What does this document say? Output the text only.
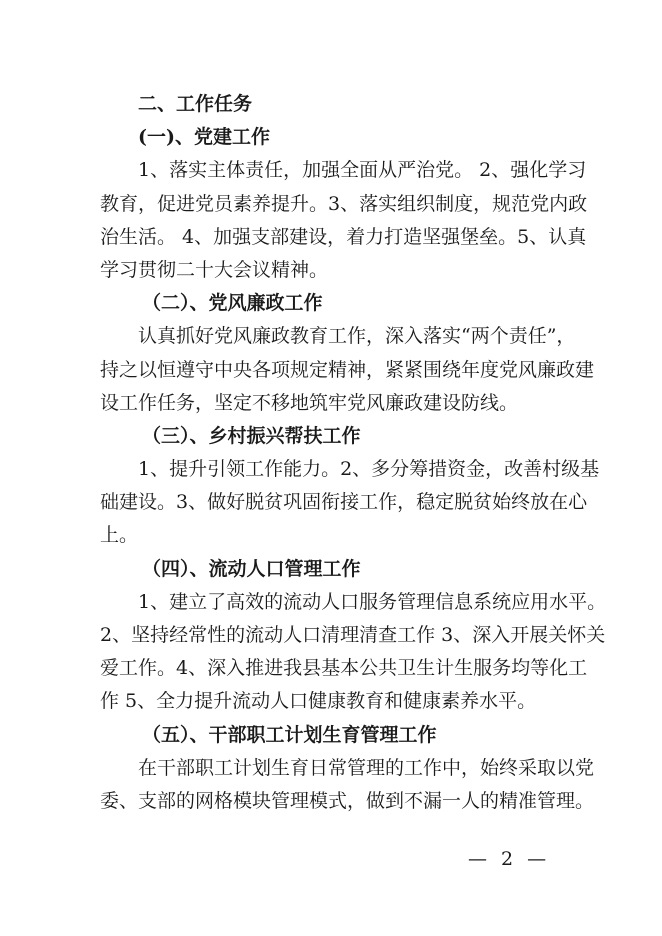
二、工作任务
(一)、党建工作
1、落实主体责任，加强全面从严治党。 2、强化学习
教育，促进党员素养提升。3、落实组织制度，规范党内政
治生活。 4、加强支部建设，着力打造坚强堡垒。5、认真
学习贯彻二十大会议精神。
（二）、党风廉政工作
认真抓好党风廉政教育工作，深入落实“两个责任”，
持之以恒遵守中央各项规定精神，紧紧围绕年度党风廉政建
设工作任务，坚定不移地筑牢党风廉政建设防线。
（三）、乡村振兴帮扶工作
1、提升引领工作能力。2、多分筹措资金，改善村级基
础建设。3、做好脱贫巩固衔接工作，稳定脱贫始终放在心
上。
（四）、流动人口管理工作
1、建立了高效的流动人口服务管理信息系统应用水平。
2、坚持经常性的流动人口清理清查工作 3、深入开展关怀关
爱工作。4、深入推进我县基本公共卫生计生服务均等化工
作 5、全力提升流动人口健康教育和健康素养水平。
（五）、干部职工计划生育管理工作
在干部职工计划生育日常管理的工作中，始终采取以党
委、支部的网格模块管理模式，做到不漏一人的精准管理。
— 2 —
